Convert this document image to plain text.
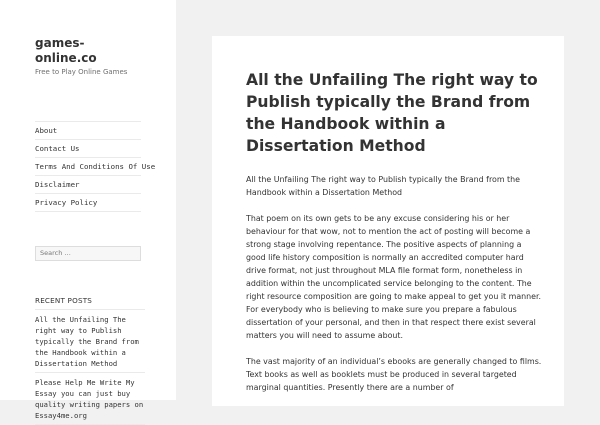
games-online.co
Free to Play Online Games
About
Contact Us
Terms And Conditions Of Use
Disclaimer
Privacy Policy
Search …
RECENT POSTS
All the Unfailing The right way to Publish typically the Brand from the Handbook within a Dissertation Method
Please Help Me Write My Essay you can just buy quality writing papers on Essay4me.org
All the Unfailing The right way to Publish typically the Brand from the Handbook within a Dissertation Method

All the Unfailing The right way to Publish typically the Brand from the Handbook within a Dissertation Method

That poem on its own gets to be any excuse considering his or her behaviour for that wow, not to mention the act of posting will become a strong stage involving repentance. The positive aspects of planning a good life history composition is normally an accredited computer hard drive format, not just throughout MLA file format form, nonetheless in addition within the uncomplicated service belonging to the content. The right resource composition are going to make appeal to get you it manner. For everybody who is believing to make sure you prepare a fabulous dissertation of your personal, and then in that respect there exist several matters you will need to assume about.

The vast majority of an individual’s ebooks are generally changed to films. Text books as well as booklets must be produced in several targeted marginal quantities. Presently there are a number of
